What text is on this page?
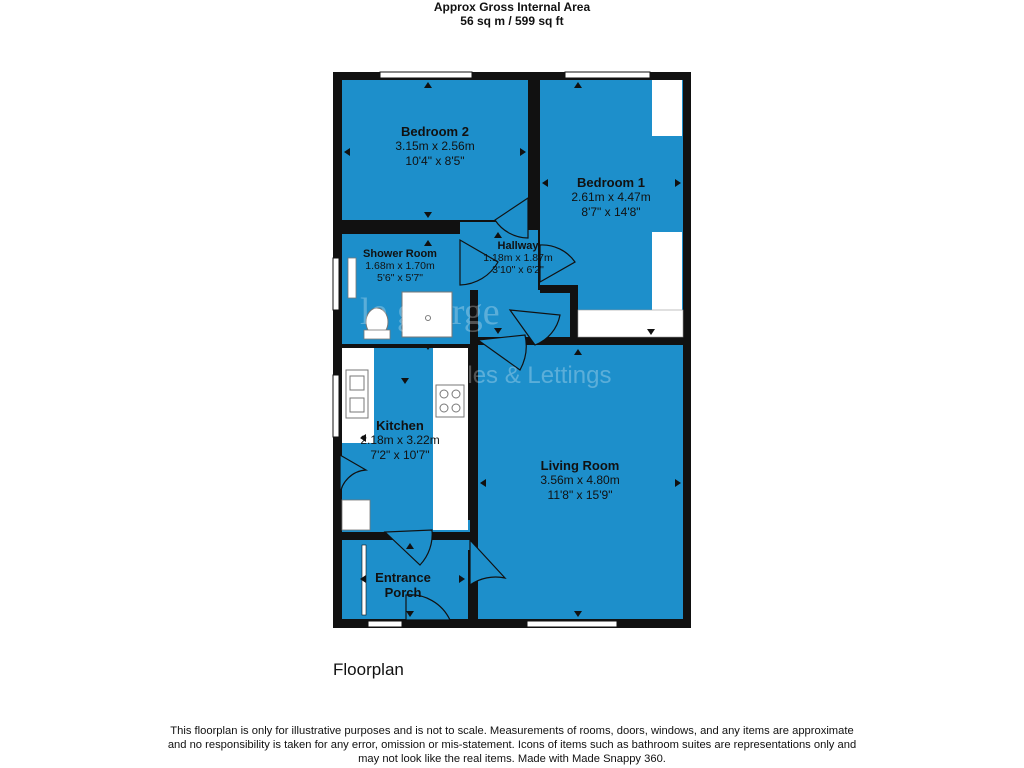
Approx Gross Internal Area
56 sq m / 599 sq ft
le george
Sales & Lettings
Bedroom 2
3.15m x 2.56m
10'4" x 8'5"
Bedroom 1
2.61m x 4.47m
8'7" x 14'8"
Hallway
1.18m x 1.87m
3'10" x 6'2"
Shower Room
1.68m x 1.70m
5'6" x 5'7"
Kitchen
2.18m x 3.22m
7'2" x 10'7"
Living Room
3.56m x 4.80m
11'8" x 15'9"
Entrance
Porch
Floorplan
This floorplan is only for illustrative purposes and is not to scale. Measurements of rooms, doors, windows, and any items are approximate and no responsibility is taken for any error, omission or mis-statement. Icons of items such as bathroom suites are representations only and may not look like the real items. Made with Made Snappy 360.
